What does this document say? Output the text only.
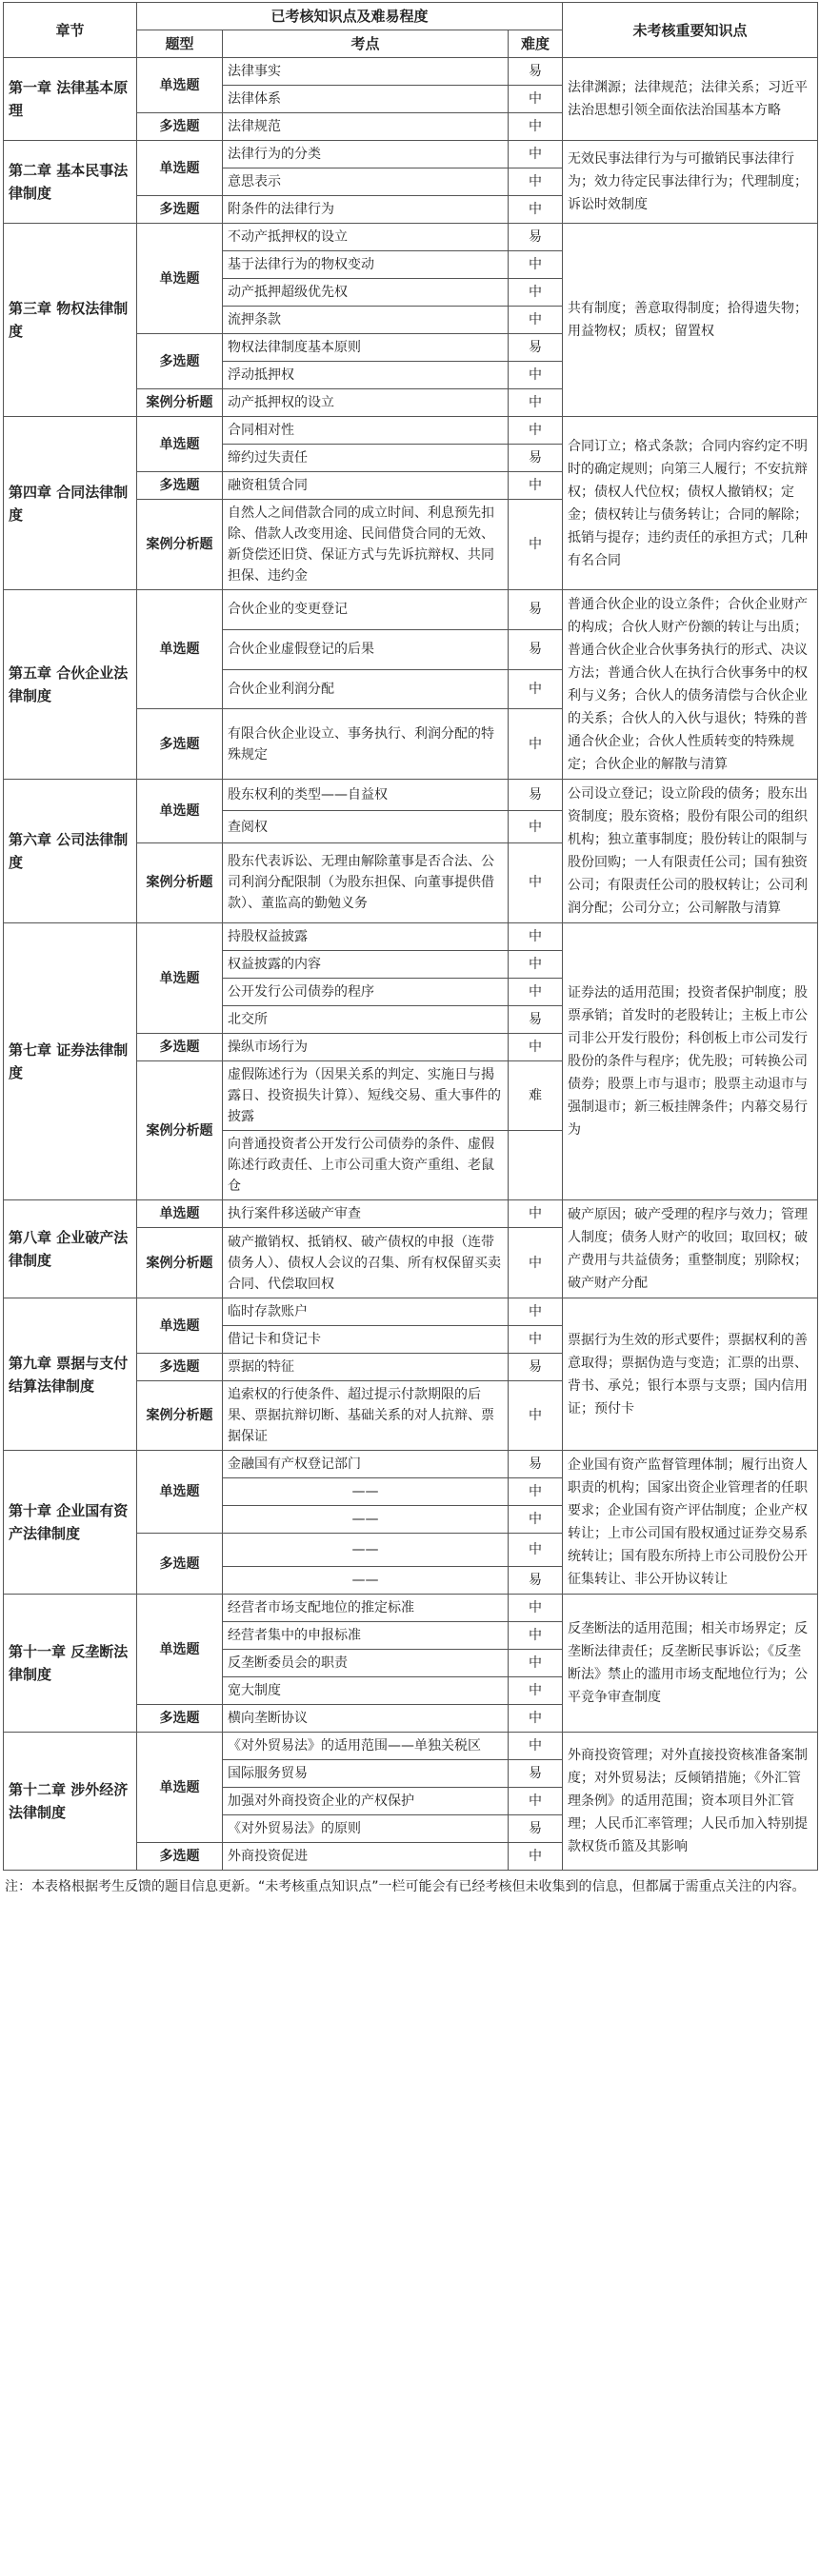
章节	已考核知识点及难易程度			未考核重要知识点
	题型	考点	难度	
第一章 法律基本原理	单选题	法律事实	易	法律渊源；法律规范；法律关系；习近平法治思想引领全面依法治国基本方略
		法律体系	中	
	多选题	法律规范	中	
第二章 基本民事法律制度	单选题	法律行为的分类	中	无效民事法律行为与可撤销民事法律行为；效力待定民事法律行为；代理制度；诉讼时效制度
		意思表示	中	
	多选题	附条件的法律行为	中	
第三章 物权法律制度	单选题	不动产抵押权的设立	易	共有制度；善意取得制度；拾得遗失物；用益物权；质权；留置权
		基于法律行为的物权变动	中	
		动产抵押超级优先权	中	
		流押条款	中	
	多选题	物权法律制度基本原则	易	
		浮动抵押权	中	
	案例分析题	动产抵押权的设立	中	
第四章 合同法律制度	单选题	合同相对性	中	合同订立；格式条款；合同内容约定不明时的确定规则；向第三人履行；不安抗辩权；债权人代位权；债权人撤销权；定金；债权转让与债务转让；合同的解除；抵销与提存；违约责任的承担方式；几种有名合同
		缔约过失责任	易	
	多选题	融资租赁合同	中	
	案例分析题	自然人之间借款合同的成立时间、利息预先扣除、借款人改变用途、民间借贷合同的无效、新贷偿还旧贷、保证方式与先诉抗辩权、共同担保、违约金	中	
第五章 合伙企业法律制度	单选题	合伙企业的变更登记	易	普通合伙企业的设立条件；合伙企业财产的构成；合伙人财产份额的转让与出质；普通合伙企业合伙事务执行的形式、决议方法；普通合伙人在执行合伙事务中的权利与义务；合伙人的债务清偿与合伙企业的关系；合伙人的入伙与退伙；特殊的普通合伙企业；合伙人性质转变的特殊规定；合伙企业的解散与清算
		合伙企业虚假登记的后果	易	
		合伙企业利润分配	中	
	多选题	有限合伙企业设立、事务执行、利润分配的特殊规定	中	
第六章 公司法律制度	单选题	股东权利的类型——自益权	易	公司设立登记；设立阶段的债务；股东出资制度；股东资格；股份有限公司的组织机构；独立董事制度；股份转让的限制与股份回购；一人有限责任公司；国有独资公司；有限责任公司的股权转让；公司利润分配；公司分立；公司解散与清算
		查阅权	中	
	案例分析题	股东代表诉讼、无理由解除董事是否合法、公司利润分配限制（为股东担保、向董事提供借款）、董监高的勤勉义务	中	
第七章 证券法律制度	单选题	持股权益披露	中	证券法的适用范围；投资者保护制度；股票承销；首发时的老股转让；主板上市公司非公开发行股份；科创板上市公司发行股份的条件与程序；优先股；可转换公司债券；股票上市与退市；股票主动退市与强制退市；新三板挂牌条件；内幕交易行为
		权益披露的内容	中	
		公开发行公司债券的程序	中	
		北交所	易	
	多选题	操纵市场行为	中	
	案例分析题	虚假陈述行为（因果关系的判定、实施日与揭露日、投资损失计算）、短线交易、重大事件的披露	难	
		向普通投资者公开发行公司债券的条件、虚假陈述行政责任、上市公司重大资产重组、老鼠仓		
第八章 企业破产法律制度	单选题	执行案件移送破产审查	中	破产原因；破产受理的程序与效力；管理人制度；债务人财产的收回；取回权；破产费用与共益债务；重整制度；别除权；破产财产分配
	案例分析题	破产撤销权、抵销权、破产债权的申报（连带债务人）、债权人会议的召集、所有权保留买卖合同、代偿取回权	中	
第九章 票据与支付结算法律制度	单选题	临时存款账户	中	票据行为生效的形式要件；票据权利的善意取得；票据伪造与变造；汇票的出票、背书、承兑；银行本票与支票；国内信用证；预付卡
		借记卡和贷记卡	中	
	多选题	票据的特征	易	
	案例分析题	追索权的行使条件、超过提示付款期限的后果、票据抗辩切断、基础关系的对人抗辩、票据保证	中	
第十章 企业国有资产法律制度	单选题	金融国有产权登记部门	易	企业国有资产监督管理体制；履行出资人职责的机构；国家出资企业管理者的任职要求；企业国有资产评估制度；企业产权转让；上市公司国有股权通过证券交易系统转让；国有股东所持上市公司股份公开征集转让、非公开协议转让
		——	中	
		——	中	
	多选题	——	中	
		——	易	
第十一章 反垄断法律制度	单选题	经营者市场支配地位的推定标准	中	反垄断法的适用范围；相关市场界定；反垄断法律责任；反垄断民事诉讼；《反垄断法》禁止的滥用市场支配地位行为；公平竞争审查制度
		经营者集中的申报标准	中	
		反垄断委员会的职责	中	
		宽大制度	中	
	多选题	横向垄断协议	中	
第十二章 涉外经济法律制度	单选题	《对外贸易法》的适用范围——单独关税区	中	外商投资管理；对外直接投资核准备案制度；对外贸易法；反倾销措施；《外汇管理条例》的适用范围；资本项目外汇管理；人民币汇率管理；人民币加入特别提款权货币篮及其影响
		国际服务贸易	易	
		加强对外商投资企业的产权保护	中	
		《对外贸易法》的原则	易	
	多选题	外商投资促进	中	
注：本表格根据考生反馈的题目信息更新。“未考核重点知识点”一栏可能会有已经考核但未收集到的信息，但都属于需重点关注的内容。
